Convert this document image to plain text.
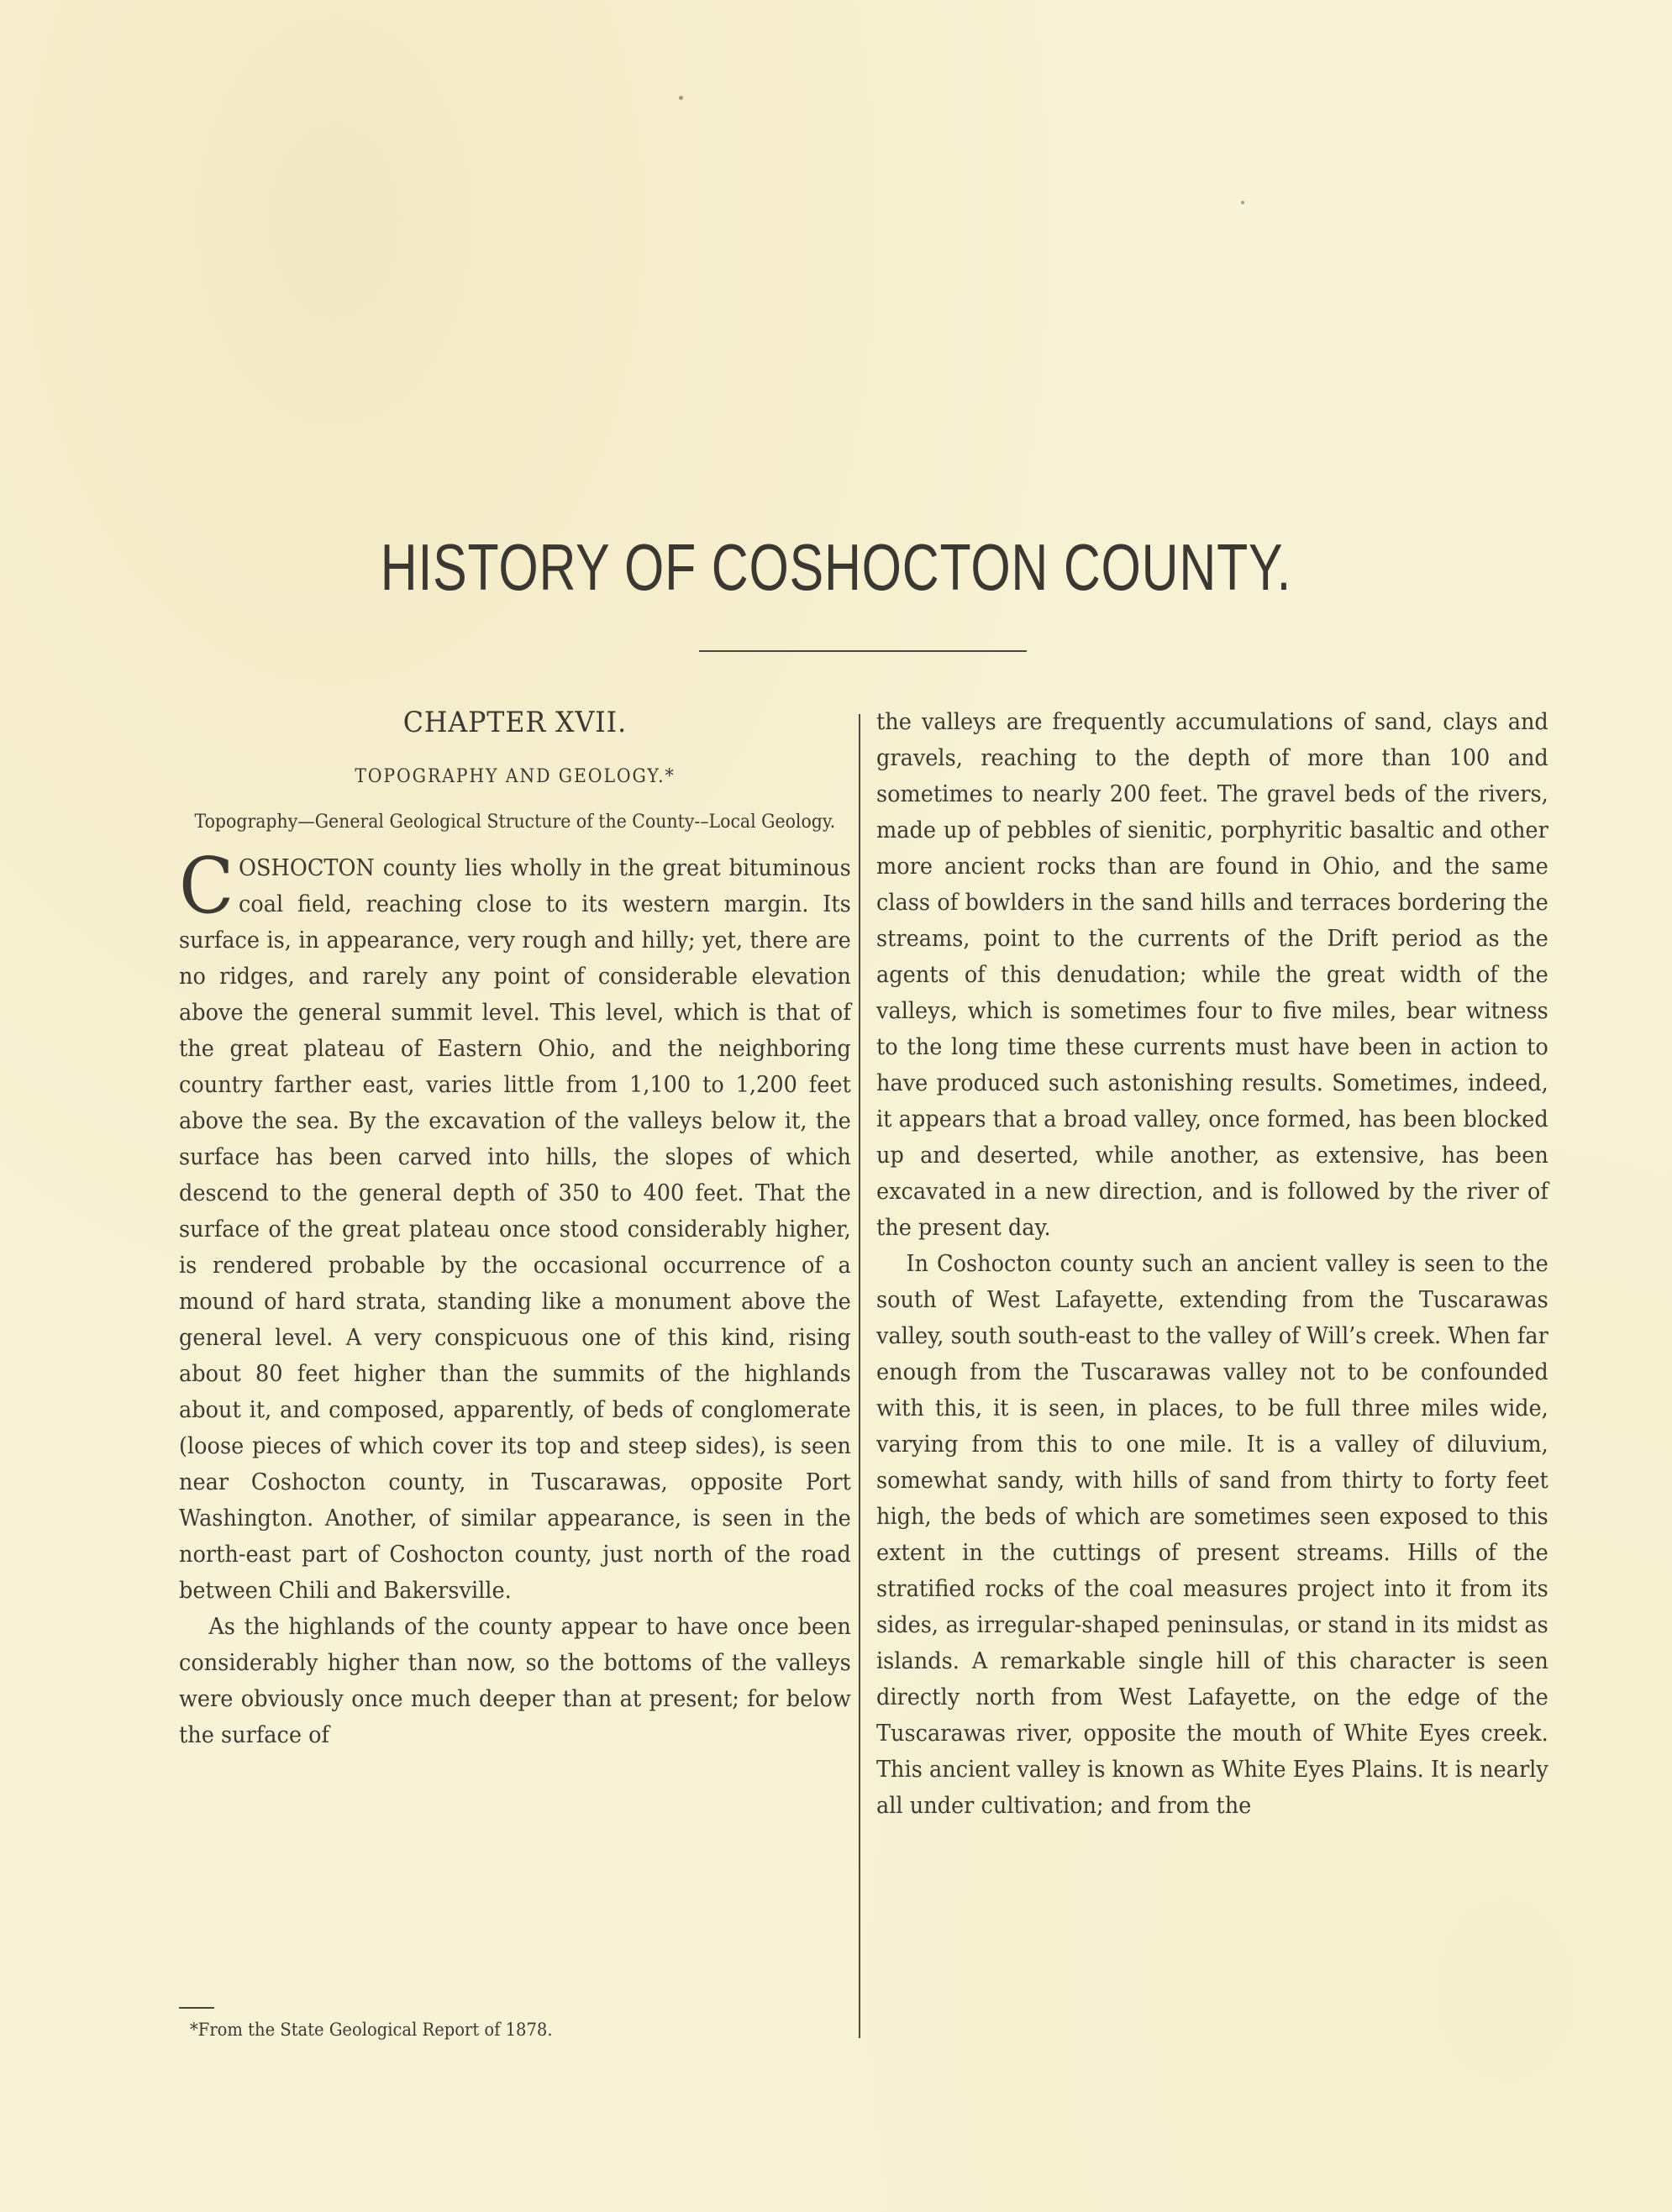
HISTORY OF COSHOCTON COUNTY.
CHAPTER XVII.
TOPOGRAPHY AND GEOLOGY.*
Topography—General Geological Structure of the County-–Local Geology.

COSHOCTON county lies wholly in the great bituminous coal field, reaching close to its western margin. Its surface is, in appearance, very rough and hilly; yet, there are no ridges, and rarely any point of considerable elevation above the general summit level. This level, which is that of the great plateau of Eastern Ohio, and the neighboring country farther east, varies little from 1,100 to 1,200 feet above the sea. By the excavation of the valleys below it, the surface has been carved into hills, the slopes of which descend to the general depth of 350 to 400 feet. That the surface of the great plateau once stood considerably higher, is rendered probable by the occasional occurrence of a mound of hard strata, standing like a monument above the general level. A very conspicuous one of this kind, rising about 80 feet higher than the summits of the highlands about it, and composed, apparently, of beds of conglomerate (loose pieces of which cover its top and steep sides), is seen near Coshocton county, in Tuscarawas, opposite Port Washington. Another, of similar appearance, is seen in the north-east part of Coshocton county, just north of the road between Chili and Bakersville.

As the highlands of the county appear to have once been considerably higher than now, so the bottoms of the valleys were obviously once much deeper than at present; for below the surface of

the valleys are frequently accumulations of sand, clays and gravels, reaching to the depth of more than 100 and sometimes to nearly 200 feet. The gravel beds of the rivers, made up of pebbles of sienitic, porphyritic basaltic and other more ancient rocks than are found in Ohio, and the same class of bowlders in the sand hills and terraces bordering the streams, point to the currents of the Drift period as the agents of this denudation; while the great width of the valleys, which is sometimes four to five miles, bear witness to the long time these currents must have been in action to have produced such astonishing results. Sometimes, indeed, it appears that a broad valley, once formed, has been blocked up and deserted, while another, as extensive, has been excavated in a new direction, and is followed by the river of the present day.

In Coshocton county such an ancient valley is seen to the south of West Lafayette, extending from the Tuscarawas valley, south south-east to the valley of Will’s creek. When far enough from the Tuscarawas valley not to be confounded with this, it is seen, in places, to be full three miles wide, varying from this to one mile. It is a valley of diluvium, somewhat sandy, with hills of sand from thirty to forty feet high, the beds of which are sometimes seen exposed to this extent in the cuttings of present streams. Hills of the stratified rocks of the coal measures project into it from its sides, as irregular-shaped peninsulas, or stand in its midst as islands. A remarkable single hill of this character is seen directly north from West Lafayette, on the edge of the Tuscarawas river, opposite the mouth of White Eyes creek. This ancient valley is known as White Eyes Plains. It is nearly all under cultivation; and from the

*From the State Geological Report of 1878.
